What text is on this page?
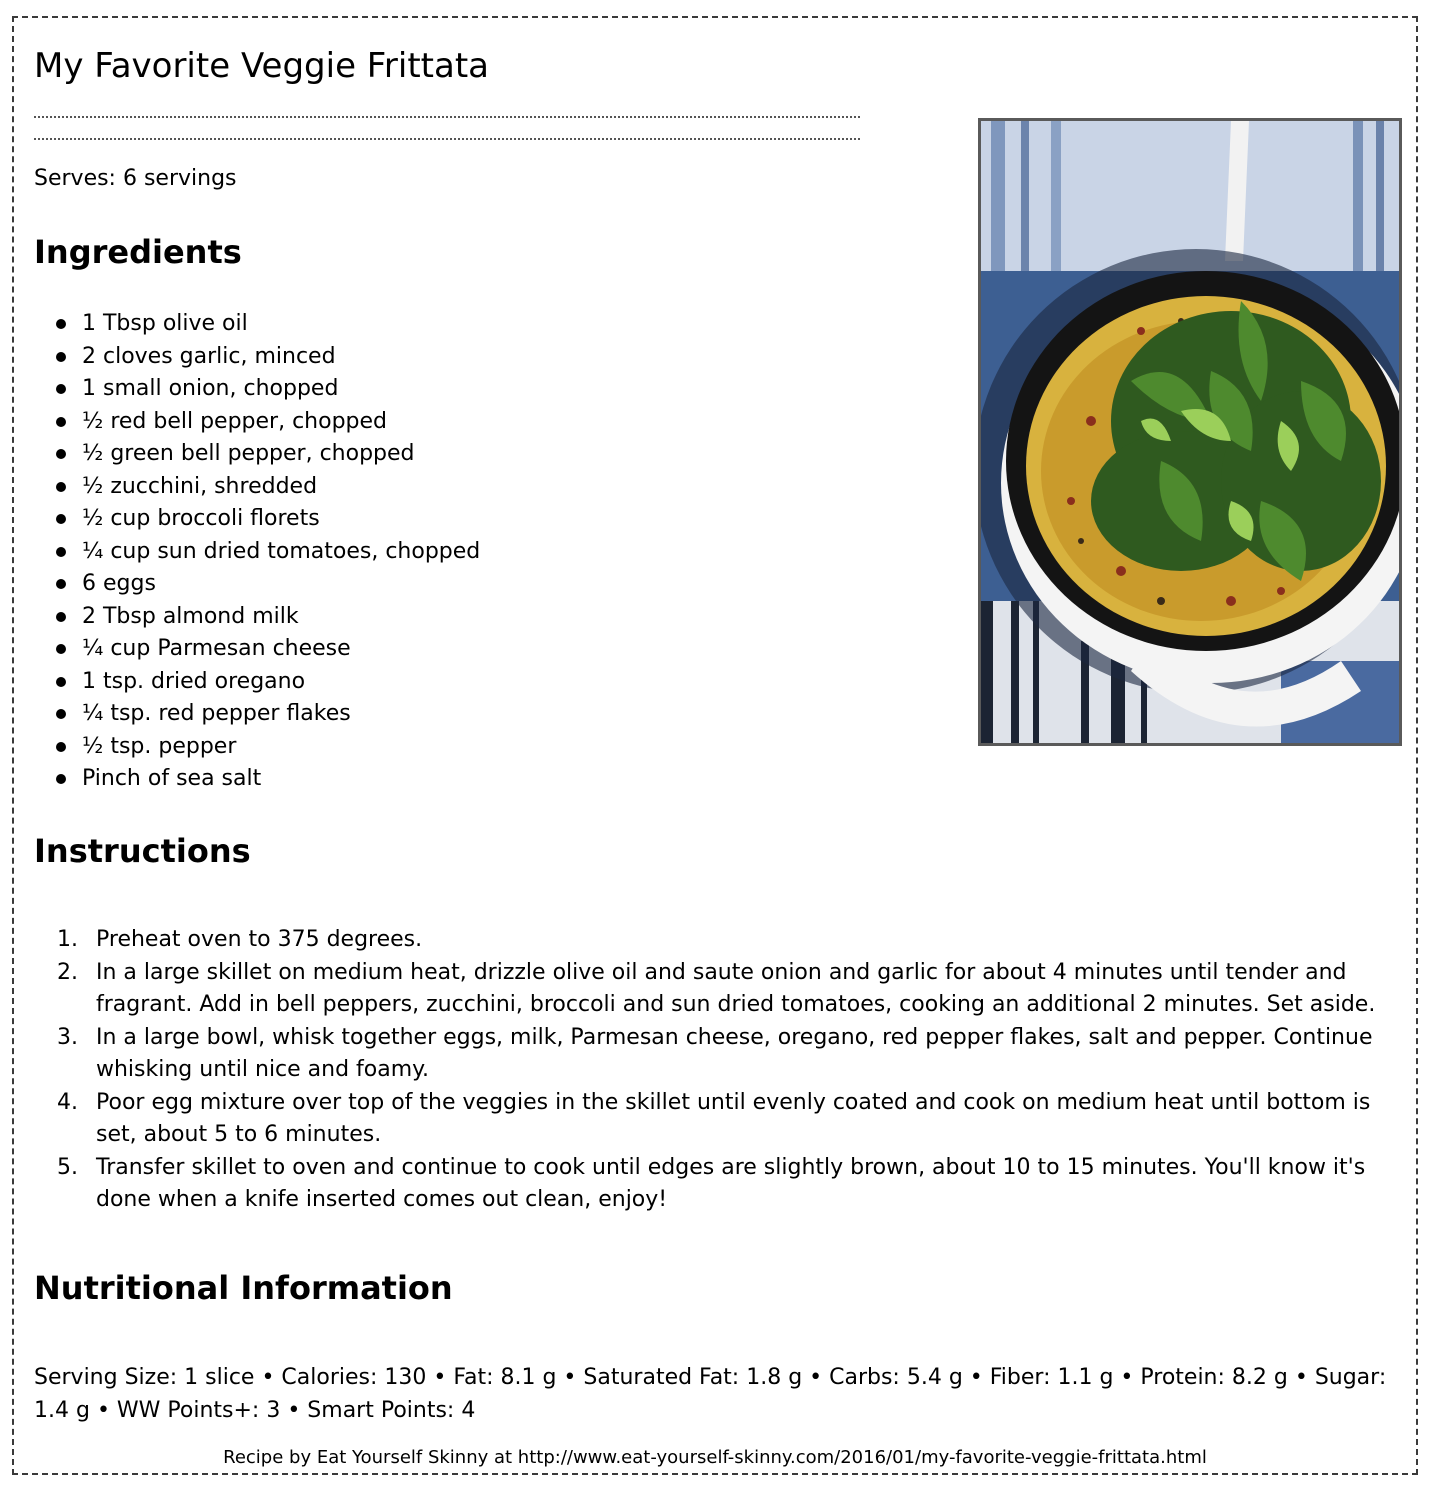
My Favorite Veggie Frittata
Serves: 6 servings
Ingredients
1 Tbsp olive oil
2 cloves garlic, minced
1 small onion, chopped
½ red bell pepper, chopped
½ green bell pepper, chopped
½ zucchini, shredded
½ cup broccoli florets
¼ cup sun dried tomatoes, chopped
6 eggs
2 Tbsp almond milk
¼ cup Parmesan cheese
1 tsp. dried oregano
¼ tsp. red pepper flakes
½ tsp. pepper
Pinch of sea salt
Instructions
1. Preheat oven to 375 degrees.
2. In a large skillet on medium heat, drizzle olive oil and saute onion and garlic for about 4 minutes until tender and fragrant. Add in bell peppers, zucchini, broccoli and sun dried tomatoes, cooking an additional 2 minutes. Set aside.
3. In a large bowl, whisk together eggs, milk, Parmesan cheese, oregano, red pepper flakes, salt and pepper. Continue whisking until nice and foamy.
4. Poor egg mixture over top of the veggies in the skillet until evenly coated and cook on medium heat until bottom is set, about 5 to 6 minutes.
5. Transfer skillet to oven and continue to cook until edges are slightly brown, about 10 to 15 minutes. You'll know it's done when a knife inserted comes out clean, enjoy!
Nutritional Information

Serving Size: 1 slice • Calories: 130 • Fat: 8.1 g • Saturated Fat: 1.8 g • Carbs: 5.4 g • Fiber: 1.1 g • Protein: 8.2 g • Sugar: 1.4 g • WW Points+: 3 • Smart Points: 4

Recipe by Eat Yourself Skinny at http://www.eat-yourself-skinny.com/2016/01/my-favorite-veggie-frittata.html
